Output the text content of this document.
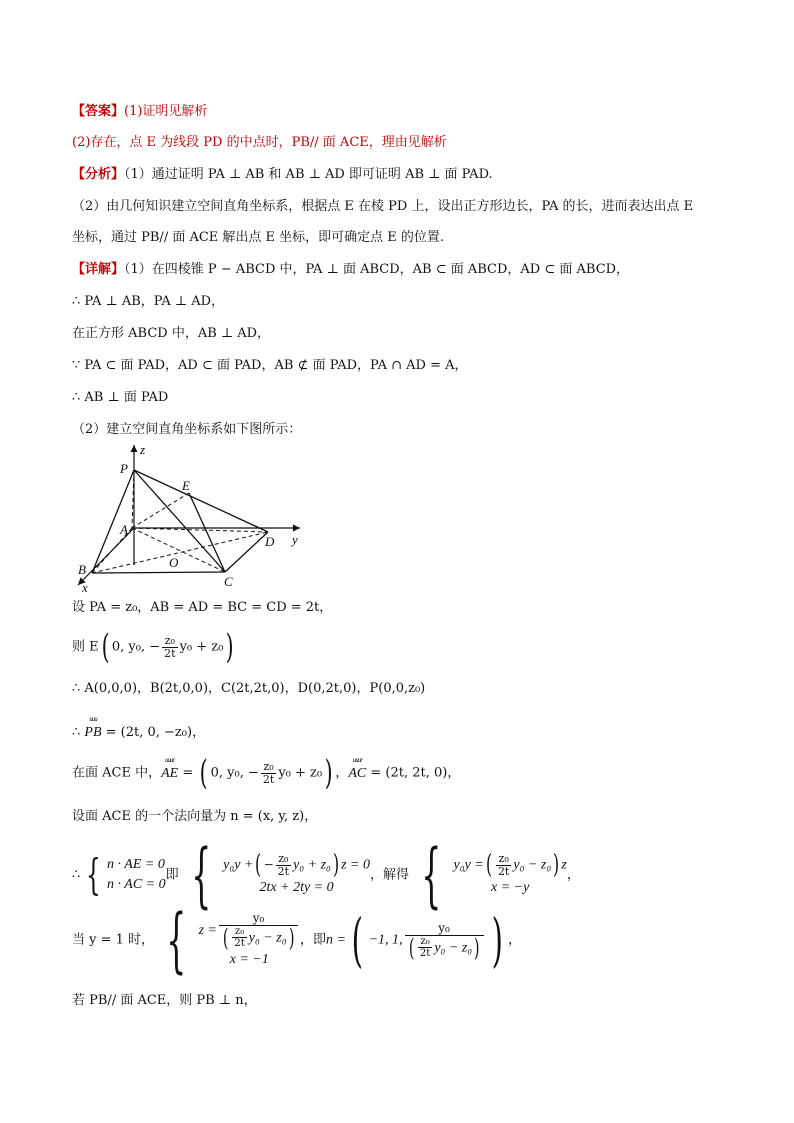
【答案】(1)证明见解析
(2)存在，点 E 为线段 PD 的中点时，PB// 面 ACE，理由见解析
【分析】（1）通过证明 PA ⊥ AB 和 AB ⊥ AD 即可证明 AB ⊥ 面 PAD.
（2）由几何知识建立空间直角坐标系，根据点 E 在棱 PD 上，设出正方形边长，PA 的长，进而表达出点 E
坐标，通过 PB// 面 ACE 解出点 E 坐标，即可确定点 E 的位置.
【详解】（1）在四棱锥 P − ABCD 中，PA ⊥ 面 ABCD，AB ⊂ 面 ABCD，AD ⊂ 面 ABCD，
∴ PA ⊥ AB，PA ⊥ AD，
在正方形 ABCD 中，AB ⊥ AD，
∵ PA ⊂ 面 PAD，AD ⊂ 面 PAD，AB ⊄ 面 PAD，PA ∩ AD = A，
∴ AB ⊥ 面 PAD
（2）建立空间直角坐标系如下图所示：
z
P
E
A
D y
O
B
x	C
设 PA = z₀，AB = AD = BC = CD = 2t，
则 E( 0, y₀, − $\frac{\text{z₀}}{2t} y_0 + z_0$)
∴ A(0,0,0)，B(2t,0,0)，C(2t,2t,0)，D(0,2t,0)，P(0,0,z₀)
∴
uuu
PB = (2t, 0, −z₀)，
在面 ACE 中，
uuur
AE = ( 0, y₀, − $\frac{\text{z₀}}{2t} y_0 + z_0$) ，
uuur
AC = (2t, 2t, 0)，
设面 ACE 的一个法向量为 n = (x, y, z)，
∴ { n · AE = 0
n · AC = 0
即 { y₀y +( − $\frac{\text{z₀}}{2t} y_0 + z_0$) z = 0
2tx + 2ty = 0
，解得 { y₀y =( $\frac{\text{z₀}}{2t} y_0 - z_0$) z
x = −y
，
当 y = 1 时， { $z = \frac{\text{y₀}}{( \frac{\text{z₀}}{2t} y_0 - z_0)}$
x = −1
，即n =( −1, 1, $\frac{\text{y₀}}{( \frac{\text{z₀}}{2t} y_0 - z_0)}$ ) ，
若 PB// 面 ACE，则 PB ⊥ n，
